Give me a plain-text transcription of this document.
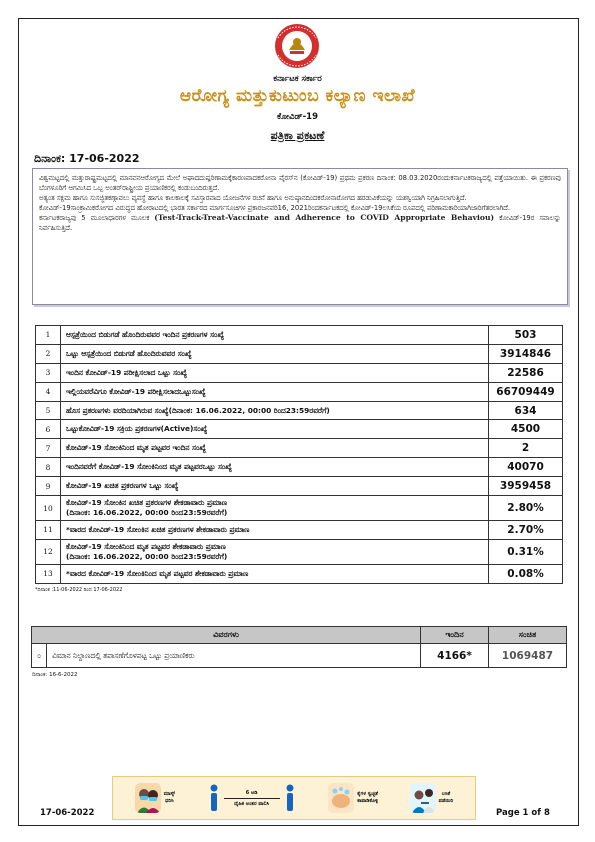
ಕರ್ನಾಟಕ ಸರ್ಕಾರ
ಆರೋಗ್ಯ ಮತ್ತುಕುಟುಂಬ ಕಲ್ಯಾಣ ಇಲಾಖೆ
ಕೋವಿಡ್-19
ಪತ್ರಿಕಾ ಪ್ರಕಟಣೆ
ದಿನಾಂಕ: 17-06-2022

ವಿಶ್ವಮಟ್ಟದಲ್ಲಿ ಮತ್ತುರಾಷ್ಟ್ರಮಟ್ಟದಲ್ಲಿ ಮಾನವನಆರೋಗ್ಯದ ಮೇಲೆ ಅಘಾದದುಷ್ಪರಿಣಾಮಕ್ಕೆಕಾರಣವಾದಕರೋನಾ ವೈರಸ್‌ನ (ಕೋವಿಡ್-19) ಪ್ರಥಮ ಪ್ರಕರಣ ದಿನಾಂಕ: 08.03.2020ರಂದುಕರ್ನಾಟಕರಾಜ್ಯದಲ್ಲಿ ಪತ್ತೆಯಾಯಿತು. ಈ ಪ್ರಕರಣವು ಬೆಂಗಳೂರಿಗೆ ಆಗಮಿಸಿದ ಒಬ್ಬ ಅಂತರ್‌ರಾಷ್ಟ್ರೀಯ ಪ್ರಯಾಣಿಕರಲ್ಲಿ ಕಂಡುಬಂದಿರುತ್ತದೆ.

ಅತ್ಯಂತ ಸಕ್ಷಮ ಹಾಗೂ ಸುಸಜ್ಜಿತಕಣ್ಗಾವಲು ವ್ಯವಸ್ಥೆ ಹಾಗೂ ಕಾಲಕಾಲಕ್ಕೆ ಸವಿಸ್ತಾರವಾದ ಯೋಜನೆಗಳ ರಚನೆ ಹಾಗೂ ಅನುಷ್ಠಾನದಿಂದಕರೋನಾರೋಗದ ಹರಡುವಿಕೆಯನ್ನು ಯಶಸ್ವಿಯಾಗಿ ನಿಗ್ರಹಿಸಲಾಗುತ್ತಿದೆ.

ಕೋವಿಡ್-19ಸಾಂಕ್ರಾಮಿಕರೋಗದ ವಿರುದ್ಧದ ಹೋರಾಟದಲ್ಲಿ ಭಾರತ ಸರ್ಕಾರದ ಮಾರ್ಗಸೂಚಿಗಳ ಪ್ರಕಾರಜನವರಿ16, 2021ರಿಂದಕರ್ನಾಟಕದಲ್ಲಿ ಕೋವಿಡ್-19ಲಸಿಕೆಯ ರೂಪದಲ್ಲಿ ಪರಿಣಾಮಕಾರಿಯಾಗಿಜಾರಿಗೆತರಲಾಗಿದೆ.

ಕರ್ನಾಟಕರಾಜ್ಯವು 5 ಮೂಲಾಧಾರಗಳ ಮೂಲಕ (Test-Track-Treat-Vaccinate and Adherence to COVID Appropriate Behaviou) ಕೋವಿಡ್-19ರ ಸವಾಲನ್ನು ನಿರ್ವಹಿಸುತ್ತಿದೆ.

1	ಆಸ್ಪತ್ರೆಯಿಂದ ಬಿಡುಗಡೆ ಹೊಂದಿರುವವರ ಇಂದಿನ ಪ್ರಕರಣಗಳ ಸಂಖ್ಯೆ	503
2	ಒಟ್ಟು ಆಸ್ಪತ್ರೆಯಿಂದ ಬಿಡುಗಡೆ ಹೊಂದಿರುವವರ ಸಂಖ್ಯೆ	3914846
3	ಇಂದಿನ ಕೋವಿಡ್-19 ಪರೀಕ್ಷಿಸಲಾದ ಒಟ್ಟು ಸಂಖ್ಯೆ	22586
4	ಇಲ್ಲಿಯವರೆವಿಗೂ ಕೋವಿಡ್-19 ಪರೀಕ್ಷಿಸಲಾದಒಟ್ಟುಸಂಖ್ಯೆ	66709449
5	ಹೊಸ ಪ್ರಕರಣಗಳು ವರದಿಯಾಗಿರುವ ಸಂಖ್ಯೆ(ದಿನಾಂಕ: 16.06.2022, 00:00 ರಿಂದ23:59ರವರೆಗೆ)	634
6	ಒಟ್ಟುಕೋವಿಡ್-19 ಸಕ್ರಿಯ ಪ್ರಕರಣಗಳ(Active)ಸಂಖ್ಯೆ	4500
7	ಕೋವಿಡ್-19 ಸೋಂಕಿನಿಂದ ಮೃತ ಪಟ್ಟವರ ಇಂದಿನ ಸಂಖ್ಯೆ	2
8	ಇಂದಿನವರೆಗೆ ಕೋವಿಡ್-19 ಸೋಂಕಿನಿಂದ ಮೃತ ಪಟ್ಟವರಒಟ್ಟು ಸಂಖ್ಯೆ	40070
9	ಕೋವಿಡ್-19 ಖಚಿತ ಪ್ರಕರಣಗಳ ಒಟ್ಟು ಸಂಖ್ಯೆ	3959458
10	ಕೋವಿಡ್-19 ಸೋಂಕಿನ ಖಚಿತ ಪ್ರಕರಣಗಳ ಶೇಕಡಾವಾರು ಪ್ರಮಾಣ
(ದಿನಾಂಕ: 16.06.2022, 00:00 ರಿಂದ23:59ರವರೆಗೆ)	2.80%
11	*ವಾರದ ಕೋವಿಡ್-19 ಸೋಂಕಿನ ಖಚಿತ ಪ್ರಕರಣಗಳ ಶೇಕಡಾವಾರು ಪ್ರಮಾಣ	2.70%
12	ಕೋವಿಡ್-19 ಸೋಂಕಿನಿಂದ ಮೃತ ಪಟ್ಟವರ ಶೇಕಡಾವಾರು ಪ್ರಮಾಣ
(ದಿನಾಂಕ: 16.06.2022, 00:00 ರಿಂದ23:59ರವರೆಗೆ)	0.31%
13	*ವಾರದ ಕೋವಿಡ್-19 ಸೋಂಕಿನಿಂದ ಮೃತ ಪಟ್ಟವರ ಶೇಕಡಾವಾರು ಪ್ರಮಾಣ	0.08%
*ದಿನಾಂಕ :11-06-2022 ರಿಂದ 17-06-2022
ವಿವರಗಳು		ಇಂದಿನ	ಸಂಚಿತ
೦	ವಿಮಾನ ನಿಲ್ದಾಣದಲ್ಲಿ ತಪಾಸಣೆಗೊಳಪಟ್ಟ ಒಟ್ಟು ಪ್ರಯಾಣಿಕರು	4166*	1069487
ದಿನಾಂಕ: 16-6-2022
ಮಾಸ್ಕ್
ಧರಿಸಿ
6 ಅಡಿ
ದೈಹಿಕ ಅಂತರ ಪಾಲಿಸಿ
ಕೈಗಳ ಸ್ವಚ್ಛತೆ
ಕಾಪಾಡಿಕೊಳ್ಳಿ
ಲಸಿಕೆ
ಪಡೆಯಿರಿ
17-06-2022	Page 1 of 8
